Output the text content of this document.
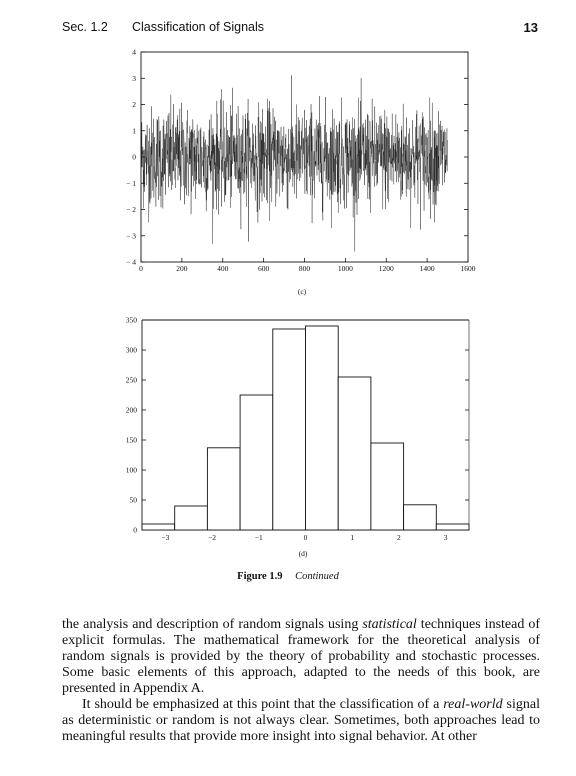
Sec. 1.2 Classification of Signals	13
4
3
2
1
0
− 1
− 2
− 3
− 4
0	200	400	600	800	1000	1200	1400	1600
(c)
350
300
250
200
150
100
50
0
−3	−2	−1	0	1	2	3
(d)
Figure 1.9 Continued

the analysis and description of random signals using statistical techniques instead of explicit formulas. The mathematical framework for the theoretical analysis of random signals is provided by the theory of probability and stochastic processes. Some basic elements of this approach, adapted to the needs of this book, are presented in Appendix A.

It should be emphasized at this point that the classification of a real-world signal as deterministic or random is not always clear. Sometimes, both approaches lead to meaningful results that provide more insight into signal behavior. At other
